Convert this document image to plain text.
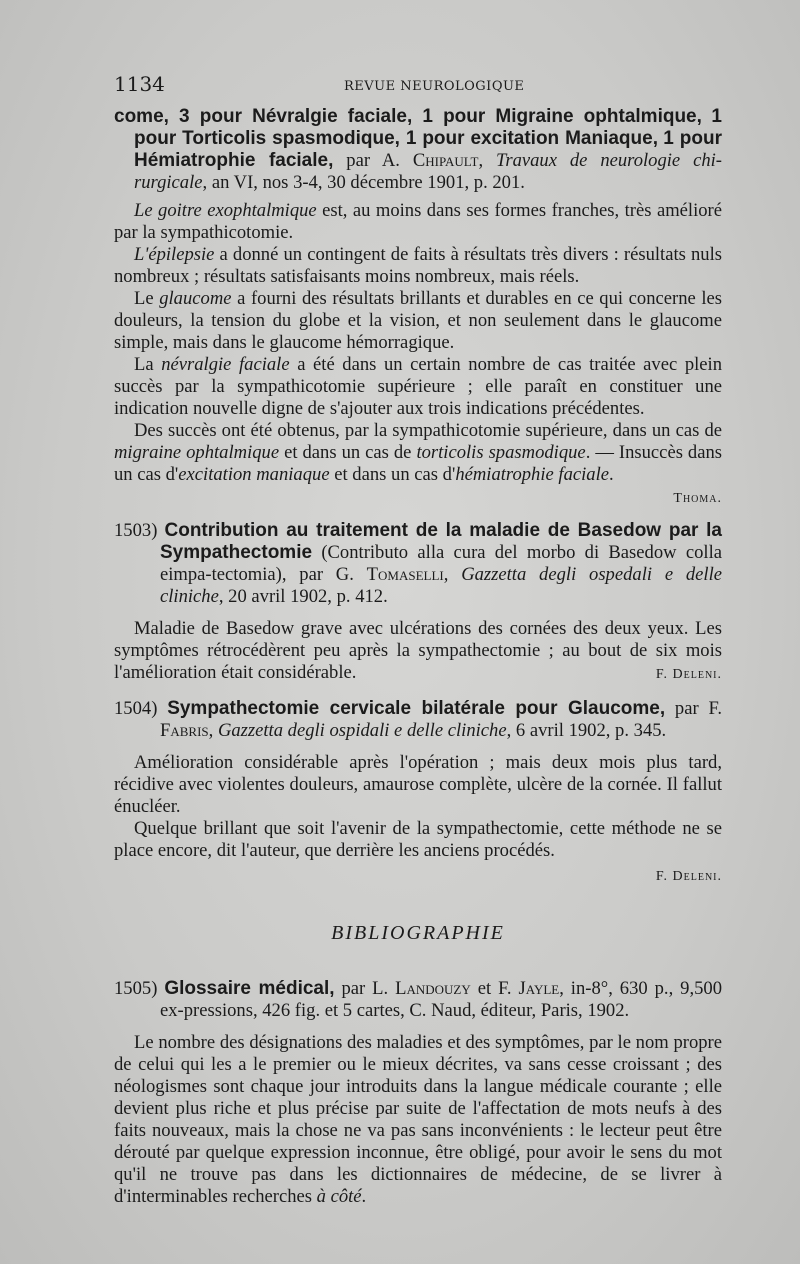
1134	REVUE NEUROLOGIQUE

come, 3 pour Névralgie faciale, 1 pour Migraine ophtalmique, 1 pour Torticolis spasmodique, 1 pour excitation Maniaque, 1 pour Hémiatrophie faciale, par A. Chipault, Travaux de neurologie chi-rurgicale, an VI, nos 3-4, 30 décembre 1901, p. 201.

Le goitre exophtalmique est, au moins dans ses formes franches, très amélioré par la sympathicotomie.

L'épilepsie a donné un contingent de faits à résultats très divers : résultats nuls nombreux ; résultats satisfaisants moins nombreux, mais réels.

Le glaucome a fourni des résultats brillants et durables en ce qui concerne les douleurs, la tension du globe et la vision, et non seulement dans le glaucome simple, mais dans le glaucome hémorragique.

La névralgie faciale a été dans un certain nombre de cas traitée avec plein succès par la sympathicotomie supérieure ; elle paraît en constituer une indication nouvelle digne de s'ajouter aux trois indications précédentes.

Des succès ont été obtenus, par la sympathicotomie supérieure, dans un cas de migraine ophtalmique et dans un cas de torticolis spasmodique. — Insuccès dans un cas d'excitation maniaque et dans un cas d'hémiatrophie faciale.

Thoma.

1503) Contribution au traitement de la maladie de Basedow par la Sympathectomie (Contributo alla cura del morbo di Basedow colla eimpa-tectomia), par G. Tomaselli, Gazzetta degli ospedali e delle cliniche, 20 avril 1902, p. 412.

Maladie de Basedow grave avec ulcérations des cornées des deux yeux. Les symptômes rétrocédèrent peu après la sympathectomie ; au bout de six mois l'amélioration était considérable.	F. Deleni.

1504) Sympathectomie cervicale bilatérale pour Glaucome, par F. Fabris, Gazzetta degli ospidali e delle cliniche, 6 avril 1902, p. 345.

Amélioration considérable après l'opération ; mais deux mois plus tard, récidive avec violentes douleurs, amaurose complète, ulcère de la cornée. Il fallut énucléer.

Quelque brillant que soit l'avenir de la sympathectomie, cette méthode ne se place encore, dit l'auteur, que derrière les anciens procédés.

F. Deleni.

BIBLIOGRAPHIE

1505) Glossaire médical, par L. Landouzy et F. Jayle, in-8°, 630 p., 9,500 ex-pressions, 426 fig. et 5 cartes, C. Naud, éditeur, Paris, 1902.

Le nombre des désignations des maladies et des symptômes, par le nom propre de celui qui les a le premier ou le mieux décrites, va sans cesse croissant ; des néologismes sont chaque jour introduits dans la langue médicale courante ; elle devient plus riche et plus précise par suite de l'affectation de mots neufs à des faits nouveaux, mais la chose ne va pas sans inconvénients : le lecteur peut être dérouté par quelque expression inconnue, être obligé, pour avoir le sens du mot qu'il ne trouve pas dans les dictionnaires de médecine, de se livrer à d'interminables recherches à côté.
